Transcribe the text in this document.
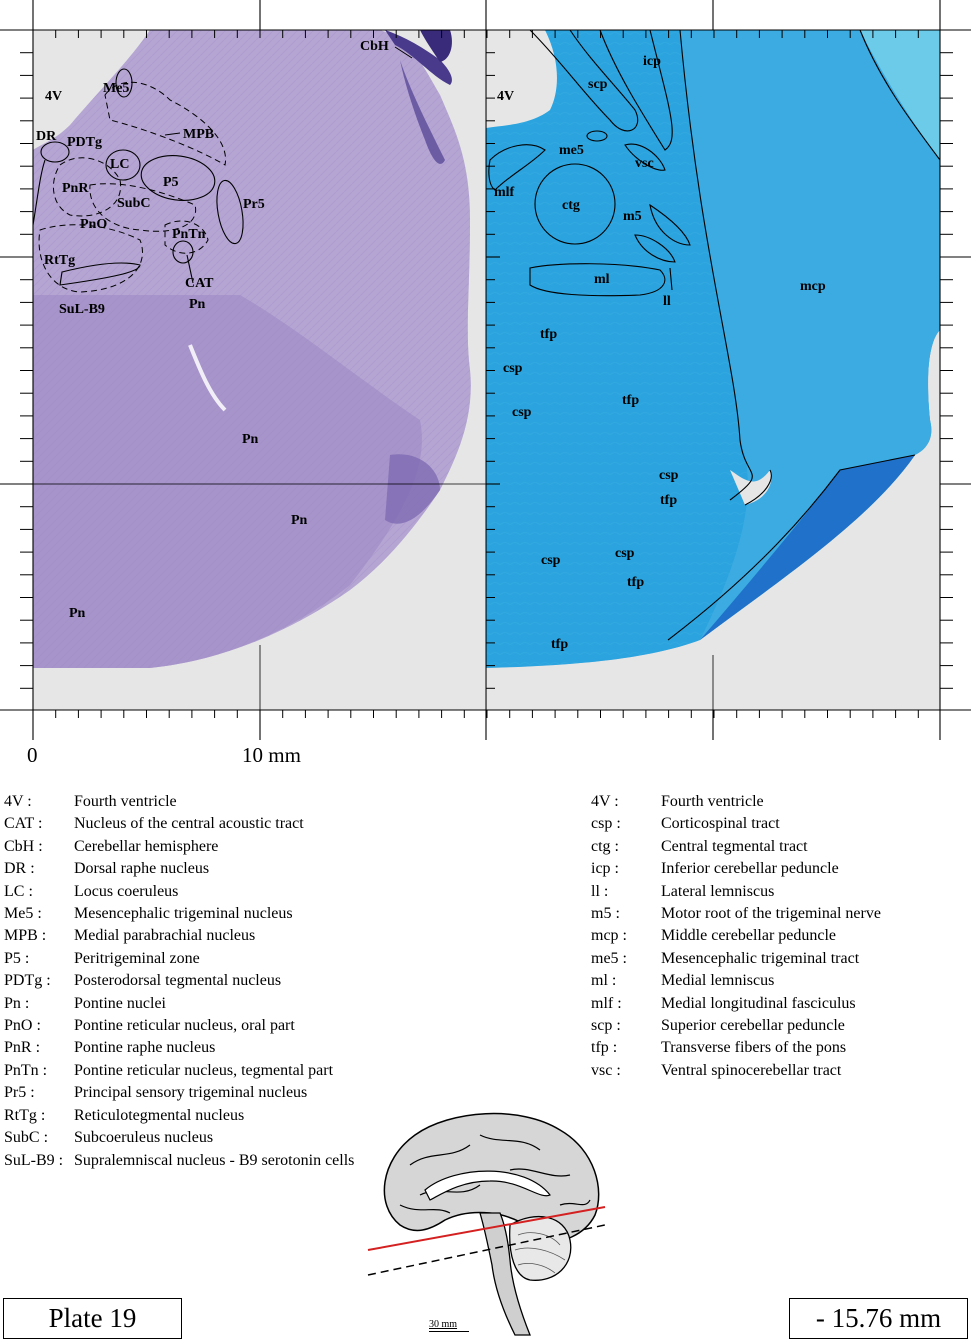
4V
CbH
Me5
MPB
DR PDTg
LC
P5
PnR
SubC	Pr5
PnO
PnTn
RtTg
CAT
SuL-B9	Pn
Pn
Pn
Pn
4V
icp
scp
me5
vsc
mlf
ctg
m5
ml
ll
mcp
tfp
csp
csp
tfp
csp
tfp
csp	csp
tfp
tfp
0	10 mm
4V :	Fourth ventricle
CAT :	Nucleus of the central acoustic tract
CbH :	Cerebellar hemisphere
DR :	Dorsal raphe nucleus
LC :	Locus coeruleus
Me5 :	Mesencephalic trigeminal nucleus
MPB :	Medial parabrachial nucleus
P5 :	Peritrigeminal zone
PDTg :	Posterodorsal tegmental nucleus
Pn :	Pontine nuclei
PnO :	Pontine reticular nucleus, oral part
PnR :	Pontine raphe nucleus
PnTn :	Pontine reticular nucleus, tegmental part
Pr5 :	Principal sensory trigeminal nucleus
RtTg :	Reticulotegmental nucleus
SubC :	Subcoeruleus nucleus
SuL-B9 : Supralemniscal nucleus - B9 serotonin cells
4V :	Fourth ventricle
csp :	Corticospinal tract
ctg :	Central tegmental tract
icp :	Inferior cerebellar peduncle
ll :	Lateral lemniscus
m5 :	Motor root of the trigeminal nerve
mcp :	Middle cerebellar peduncle
me5 :	Mesencephalic trigeminal tract
ml :	Medial lemniscus
mlf :	Medial longitudinal fasciculus
scp :	Superior cerebellar peduncle
tfp :	Transverse fibers of the pons
vsc :	Ventral spinocerebellar tract
30 mm
Plate 19	- 15.76 mm
